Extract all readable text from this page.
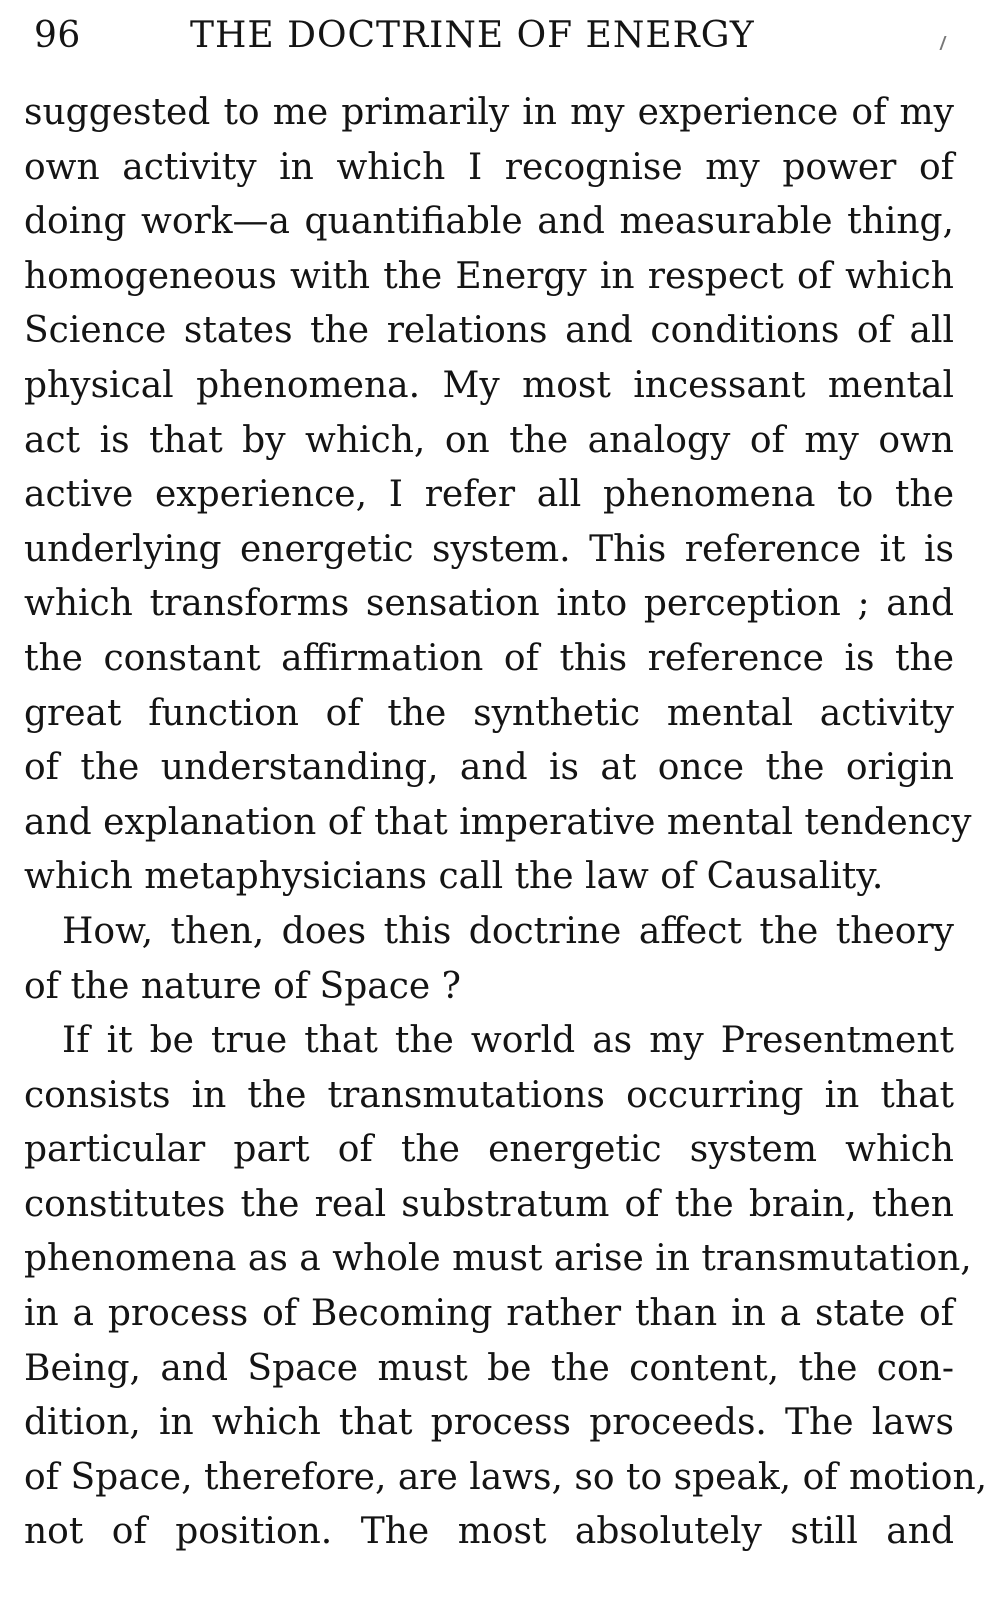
96	THE DOCTRINE OF ENERGY
suggested to me primarily in my experience of my
own activity in which I recognise my power of
doing work—a quantifiable and measurable thing,
homogeneous with the Energy in respect of which
Science states the relations and conditions of all
physical phenomena. My most incessant mental
act is that by which, on the analogy of my own
active experience, I refer all phenomena to the
underlying energetic system. This reference it is
which transforms sensation into perception ; and
the constant affirmation of this reference is the
great function of the synthetic mental activity
of the understanding, and is at once the origin
and explanation of that imperative mental tendency
which metaphysicians call the law of Causality.
How, then, does this doctrine affect the theory
of the nature of Space ?
If it be true that the world as my Presentment
consists in the transmutations occurring in that
particular part of the energetic system which
constitutes the real substratum of the brain, then
phenomena as a whole must arise in transmutation,
in a process of Becoming rather than in a state of
Being, and Space must be the content, the con-
dition, in which that process proceeds. The laws
of Space, therefore, are laws, so to speak, of motion,
not of position. The most absolutely still and
